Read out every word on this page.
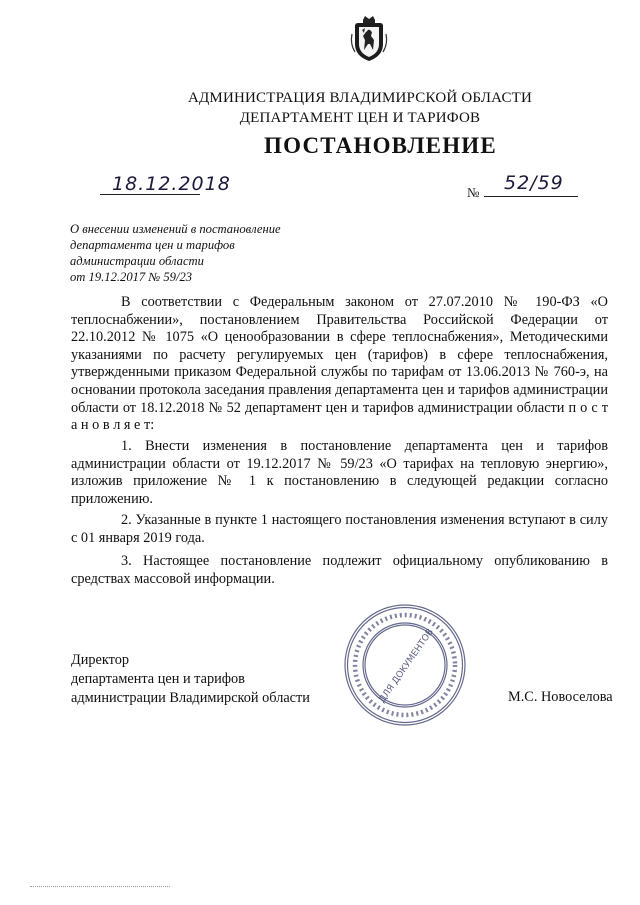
АДМИНИСТРАЦИЯ ВЛАДИМИРСКОЙ ОБЛАСТИ
ДЕПАРТАМЕНТ ЦЕН И ТАРИФОВ
ПОСТАНОВЛЕНИЕ
18.12.2018	№ 52/59
О внесении изменений в постановление
департамента цен и тарифов
администрации области
от 19.12.2017 № 59/23
В соответствии с Федеральным законом от 27.07.2010 № 190-ФЗ «О теплоснабжении», постановлением Правительства Российской Федерации от 22.10.2012 № 1075 «О ценообразовании в сфере теплоснабжения», Методическими указаниями по расчету регулируемых цен (тарифов) в сфере теплоснабжения, утвержденными приказом Федеральной службы по тарифам от 13.06.2013 № 760-э, на основании протокола заседания правления департамента цен и тарифов администрации области от 18.12.2018 № 52 департамент цен и тарифов администрации области п о с т а н о в л я е т:
1. Внести изменения в постановление департамента цен и тарифов администрации области от 19.12.2017 № 59/23 «О тарифах на тепловую энергию», изложив приложение № 1 к постановлению в следующей редакции согласно приложению.
2. Указанные в пункте 1 настоящего постановления изменения вступают в силу с 01 января 2019 года.
3. Настоящее постановление подлежит официальному опубликованию в средствах массовой информации.
ДЛЯ ДОКУМЕНТОВ
Директор
департамента цен и тарифов
администрации Владимирской области	М.С. Новоселова
